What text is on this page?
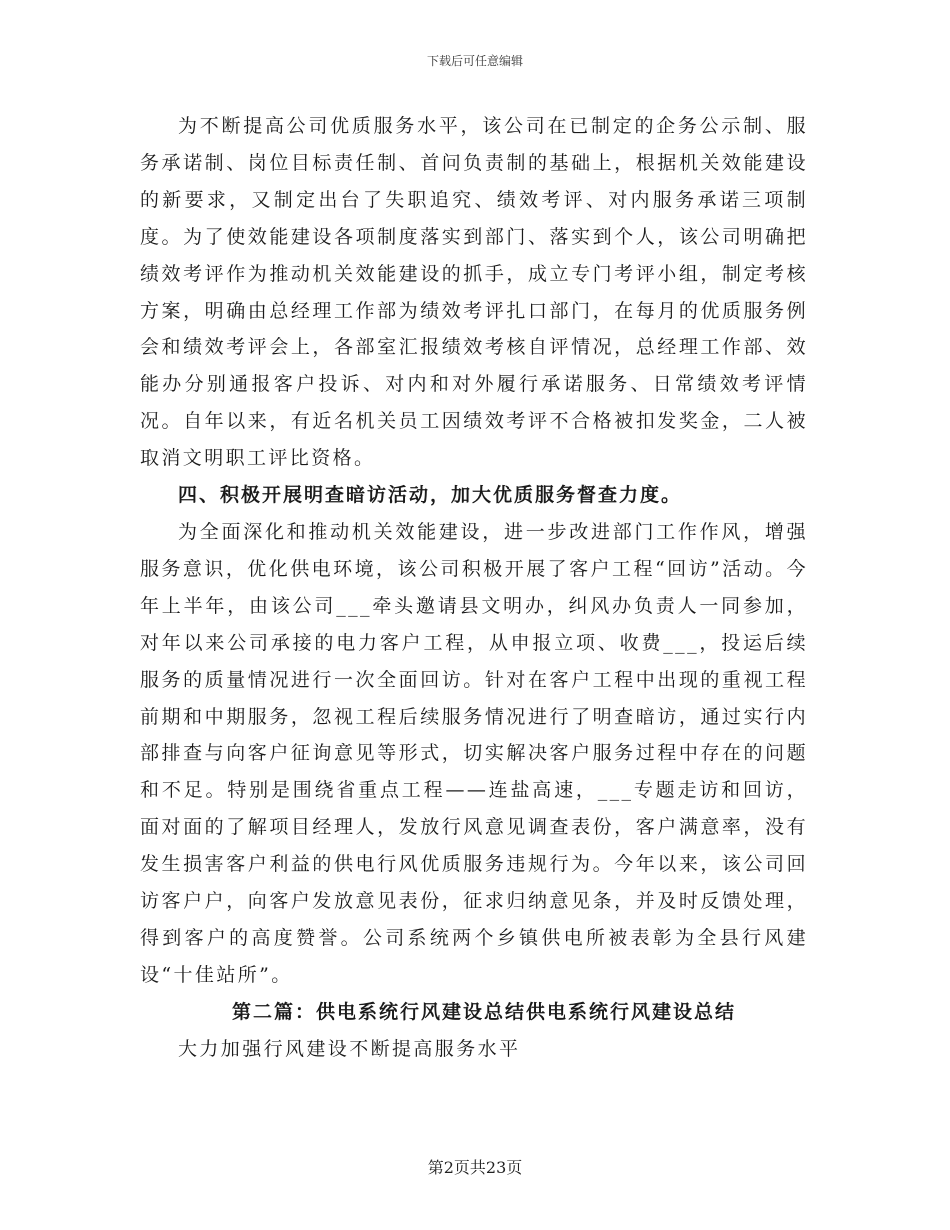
下载后可任意编辑

为不断提高公司优质服务水平，该公司在已制定的企务公示制、服务承诺制、岗位目标责任制、首问负责制的基础上，根据机关效能建设的新要求，又制定出台了失职追究、绩效考评、对内服务承诺三项制度。为了使效能建设各项制度落实到部门、落实到个人，该公司明确把绩效考评作为推动机关效能建设的抓手，成立专门考评小组，制定考核方案，明确由总经理工作部为绩效考评扎口部门，在每月的优质服务例会和绩效考评会上，各部室汇报绩效考核自评情况，总经理工作部、效能办分别通报客户投诉、对内和对外履行承诺服务、日常绩效考评情况。自年以来，有近名机关员工因绩效考评不合格被扣发奖金，二人被取消文明职工评比资格。

四、积极开展明查暗访活动，加大优质服务督查力度。

为全面深化和推动机关效能建设，进一步改进部门工作作风，增强服务意识，优化供电环境，该公司积极开展了客户工程“回访”活动。今年上半年，由该公司___牵头邀请县文明办，纠风办负责人一同参加，对年以来公司承接的电力客户工程，从申报立项、收费___，投运后续服务的质量情况进行一次全面回访。针对在客户工程中出现的重视工程前期和中期服务，忽视工程后续服务情况进行了明查暗访，通过实行内部排查与向客户征询意见等形式，切实解决客户服务过程中存在的问题和不足。特别是围绕省重点工程——连盐高速，___专题走访和回访，面对面的了解项目经理人，发放行风意见调查表份，客户满意率，没有发生损害客户利益的供电行风优质服务违规行为。今年以来，该公司回访客户户，向客户发放意见表份，征求归纳意见条，并及时反馈处理，得到客户的高度赞誉。公司系统两个乡镇供电所被表彰为全县行风建设“十佳站所”。

第二篇：供电系统行风建设总结供电系统行风建设总结

大力加强行风建设不断提高服务水平

第2页共23页
